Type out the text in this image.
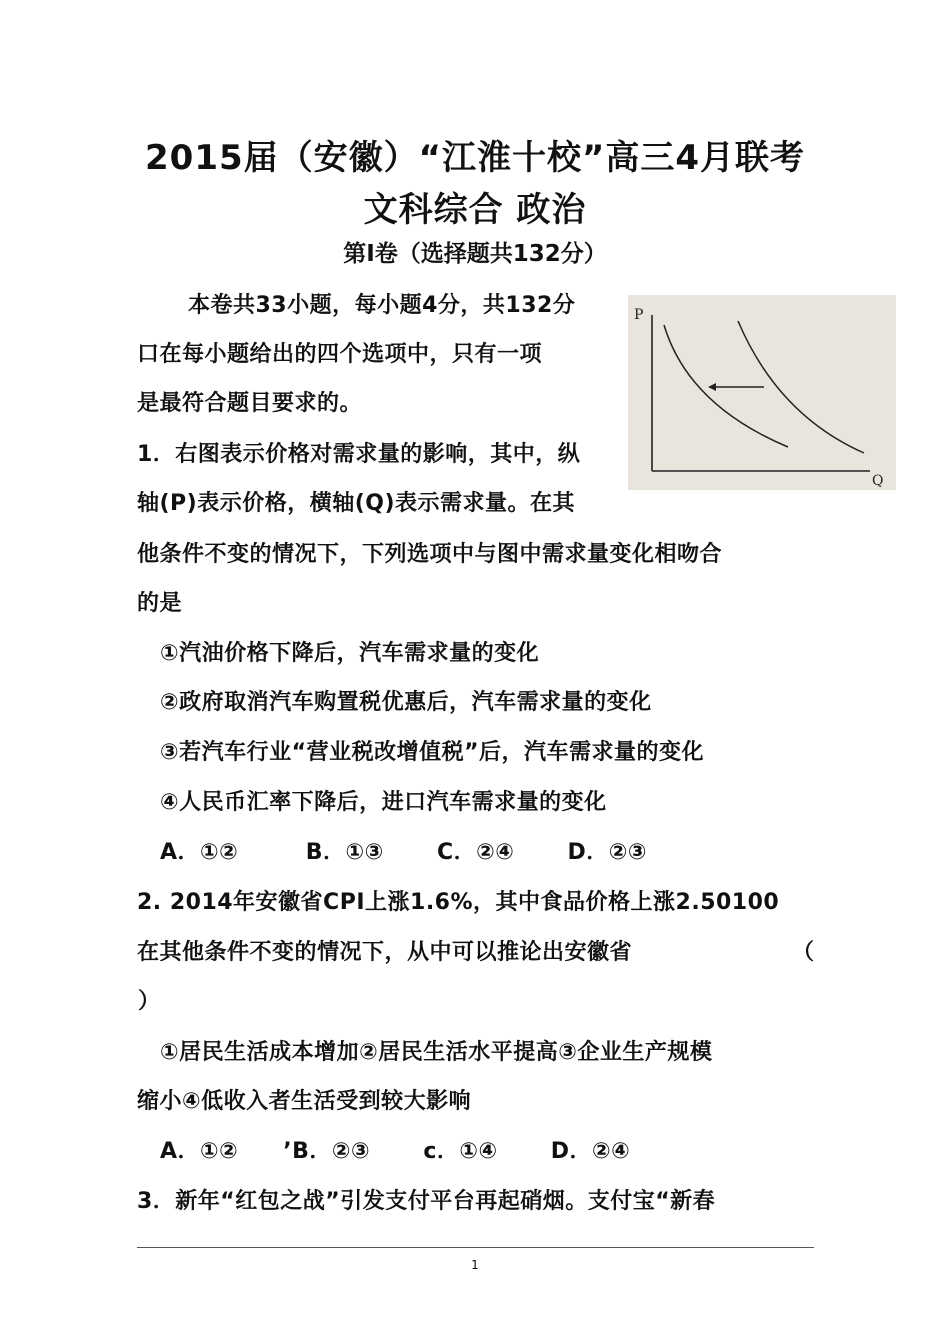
2015届（安徽）“江淮十校”高三4月联考
文科综合 政治
第Ⅰ卷（选择题共132分）
本卷共33小题，每小题4分，共132分
口在每小题给出的四个选项中，只有一项
是最符合题目要求的。
1．右图表示价格对需求量的影响，其中，纵
轴(P)表示价格，横轴(Q)表示需求量。在其
他条件不变的情况下，下列选项中与图中需求量变化相吻合
的是
①汽油价格下降后，汽车需求量的变化
②政府取消汽车购置税优惠后，汽车需求量的变化
③若汽车行业“营业税改增值税”后，汽车需求量的变化
④人民币汇率下降后，进口汽车需求量的变化
A．①②　　　B．①③　　 C．②④　　 D．②③
2. 2014年安徽省CPI上涨1.6%，其中食品价格上涨2.50100
在其他条件不变的情况下，从中可以推论出安徽省	（
）
①居民生活成本增加②居民生活水平提高③企业生产规模
缩小④低收入者生活受到较大影响
A．①②　　’B．②③　　 c．①④　　 D．②④
3．新年“红包之战”引发支付平台再起硝烟。支付宝“新春
P
Q
1
